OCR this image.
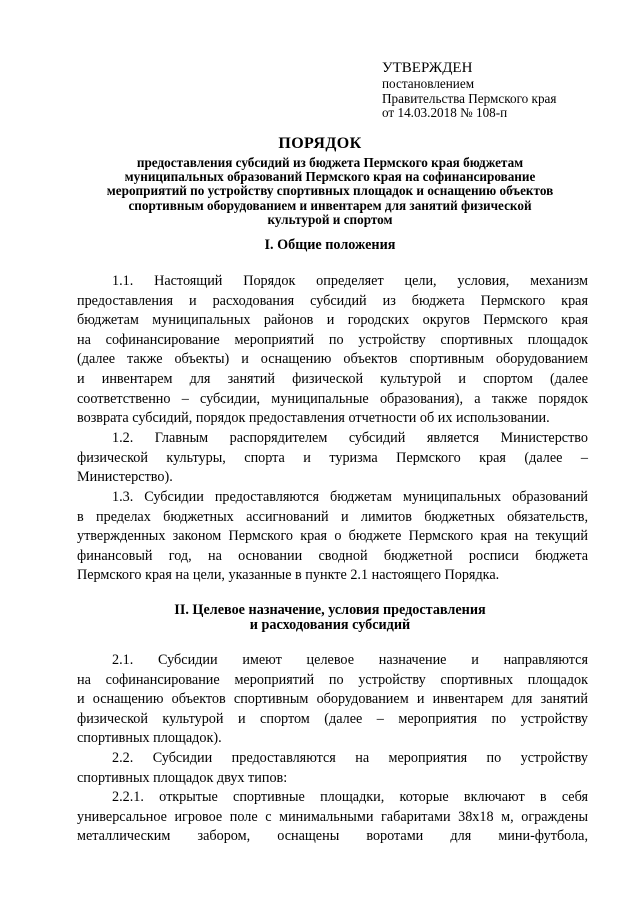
УТВЕРЖДЕН
постановлением
Правительства Пермского края
от 14.03.2018 № 108-п
ПОРЯДОК
предоставления субсидий из бюджета Пермского края бюджетам
муниципальных образований Пермского края на софинансирование
мероприятий по устройству спортивных площадок и оснащению объектов
спортивным оборудованием и инвентарем для занятий физической
культурой и спортом
I. Общие положения
1.1. Настоящий Порядок определяет цели, условия, механизм
предоставления и расходования субсидий из бюджета Пермского края
бюджетам муниципальных районов и городских округов Пермского края
на софинансирование мероприятий по устройству спортивных площадок
(далее также объекты) и оснащению объектов спортивным оборудованием
и инвентарем для занятий физической культурой и спортом (далее
соответственно – субсидии, муниципальные образования), а также порядок
возврата субсидий, порядок предоставления отчетности об их использовании.
1.2. Главным распорядителем субсидий является Министерство
физической культуры, спорта и туризма Пермского края (далее –
Министерство).
1.3. Субсидии предоставляются бюджетам муниципальных образований
в пределах бюджетных ассигнований и лимитов бюджетных обязательств,
утвержденных законом Пермского края о бюджете Пермского края на текущий
финансовый год, на основании сводной бюджетной росписи бюджета
Пермского края на цели, указанные в пункте 2.1 настоящего Порядка.
II. Целевое назначение, условия предоставления
и расходования субсидий
2.1. Субсидии имеют целевое назначение и направляются
на софинансирование мероприятий по устройству спортивных площадок
и оснащению объектов спортивным оборудованием и инвентарем для занятий
физической культурой и спортом (далее – мероприятия по устройству
спортивных площадок).
2.2. Субсидии предоставляются на мероприятия по устройству
спортивных площадок двух типов:
2.2.1. открытые спортивные площадки, которые включают в себя
универсальное игровое поле с минимальными габаритами 38х18 м, ограждены
металлическим забором, оснащены воротами для мини-футбола,
